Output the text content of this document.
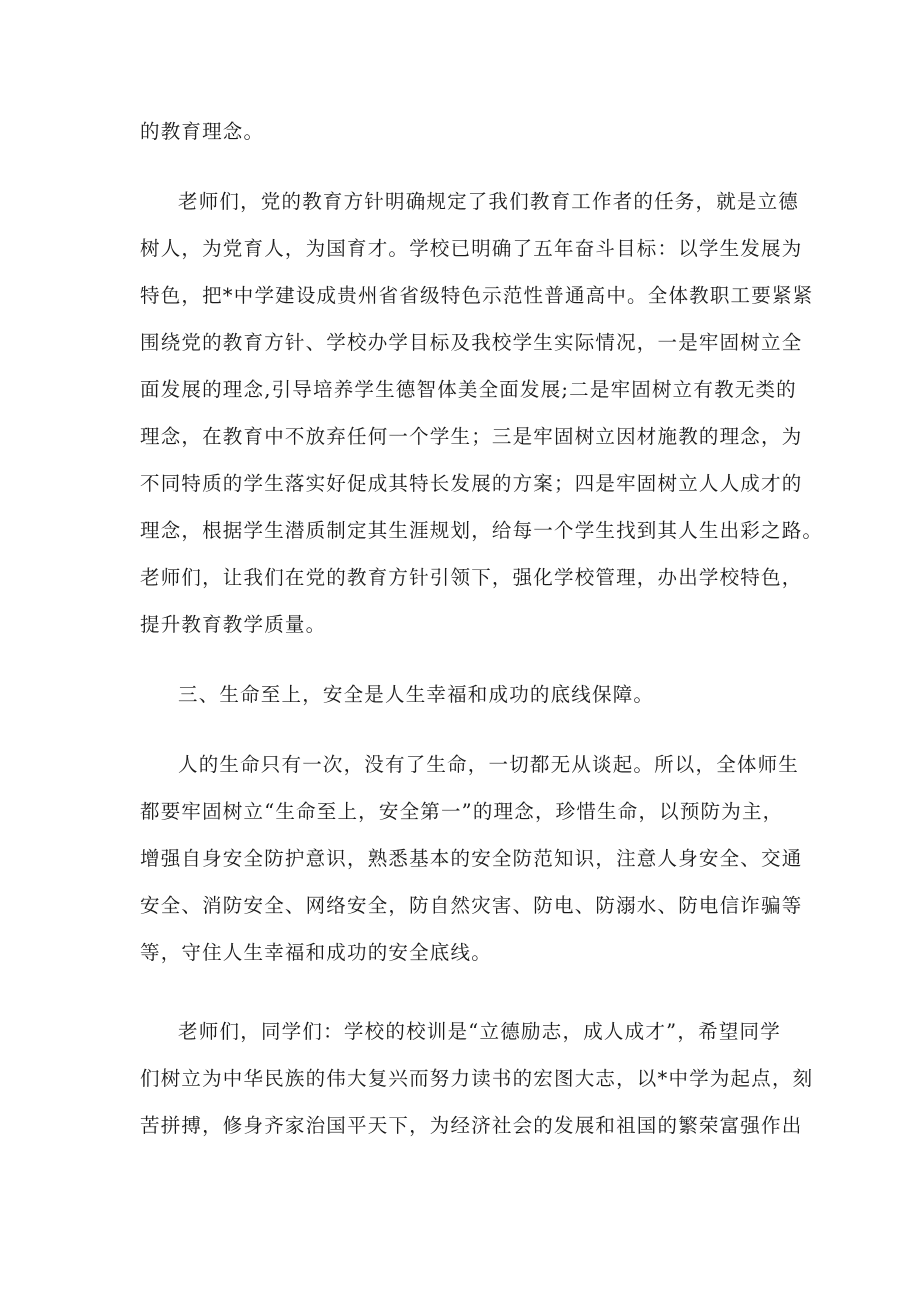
的教育理念。
老师们，党的教育方针明确规定了我们教育工作者的任务，就是立德
树人，为党育人，为国育才。学校已明确了五年奋斗目标：以学生发展为
特色，把*中学建设成贵州省省级特色示范性普通高中。全体教职工要紧紧
围绕党的教育方针、学校办学目标及我校学生实际情况，一是牢固树立全
面发展的理念,引导培养学生德智体美全面发展;二是牢固树立有教无类的
理念，在教育中不放弃任何一个学生；三是牢固树立因材施教的理念，为
不同特质的学生落实好促成其特长发展的方案；四是牢固树立人人成才的
理念，根据学生潜质制定其生涯规划，给每一个学生找到其人生出彩之路。
老师们，让我们在党的教育方针引领下，强化学校管理，办出学校特色，
提升教育教学质量。
三、生命至上，安全是人生幸福和成功的底线保障。
人的生命只有一次，没有了生命，一切都无从谈起。所以，全体师生
都要牢固树立“生命至上，安全第一”的理念，珍惜生命，以预防为主，
增强自身安全防护意识，熟悉基本的安全防范知识，注意人身安全、交通
安全、消防安全、网络安全，防自然灾害、防电、防溺水、防电信诈骗等
等，守住人生幸福和成功的安全底线。
老师们，同学们：学校的校训是“立德励志，成人成才”，希望同学
们树立为中华民族的伟大复兴而努力读书的宏图大志，以*中学为起点，刻
苦拼搏，修身齐家治国平天下，为经济社会的发展和祖国的繁荣富强作出
